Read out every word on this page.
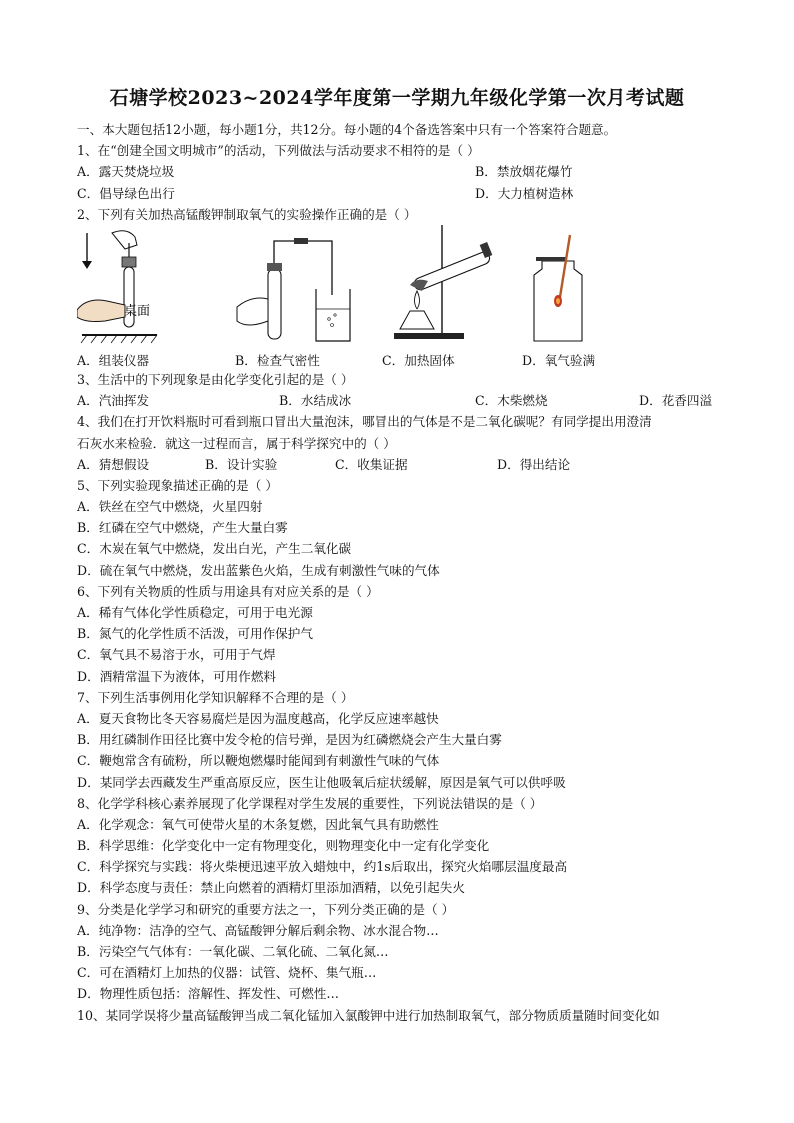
石塘学校2023~2024学年度第一学期九年级化学第一次月考试题
一、本大题包括12小题，每小题1分，共12分。每小题的4个备选答案中只有一个答案符合题意。
1、在“创建全国文明城市”的活动，下列做法与活动要求不相符的是（ ）
A．露天焚烧垃圾	B．禁放烟花爆竹
C．倡导绿色出行	D．大力植树造林
2、下列有关加热高锰酸钾制取氧气的实验操作正确的是（ ）
桌面
A．组装仪器	B．检查气密性	C．加热固体	D．氧气验满
3、生活中的下列现象是由化学变化引起的是（ ）
A．汽油挥发	B．水结成冰	C．木柴燃烧	D．花香四溢
4、我们在打开饮料瓶时可看到瓶口冒出大量泡沫，哪冒出的气体是不是二氧化碳呢？有同学提出用澄清
石灰水来检验．就这一过程而言，属于科学探究中的（ ）
A．猜想假设	B．设计实验	C．收集证据	D．得出结论
5、下列实验现象描述正确的是（ ）
A．铁丝在空气中燃烧，火星四射
B．红磷在空气中燃烧，产生大量白雾
C．木炭在氧气中燃烧，发出白光，产生二氧化碳
D．硫在氧气中燃烧，发出蓝紫色火焰，生成有刺激性气味的气体
6、下列有关物质的性质与用途具有对应关系的是（ ）
A．稀有气体化学性质稳定，可用于电光源
B．氮气的化学性质不活泼，可用作保护气
C．氧气具不易溶于水，可用于气焊
D．酒精常温下为液体，可用作燃料
7、下列生活事例用化学知识解释不合理的是（ ）
A．夏天食物比冬天容易腐烂是因为温度越高，化学反应速率越快
B．用红磷制作田径比赛中发令枪的信号弹，是因为红磷燃烧会产生大量白雾
C．鞭炮常含有硫粉，所以鞭炮燃爆时能闻到有刺激性气味的气体
D．某同学去西藏发生严重高原反应，医生让他吸氧后症状缓解，原因是氧气可以供呼吸
8、化学学科核心素养展现了化学课程对学生发展的重要性，下列说法错误的是（ ）
A．化学观念：氧气可使带火星的木条复燃，因此氧气具有助燃性
B．科学思维：化学变化中一定有物理变化，则物理变化中一定有化学变化
C．科学探究与实践：将火柴梗迅速平放入蜡烛中，约1s后取出，探究火焰哪层温度最高
D．科学态度与责任：禁止向燃着的酒精灯里添加酒精，以免引起失火
9、分类是化学学习和研究的重要方法之一，下列分类正确的是（ ）
A．纯净物：洁净的空气、高锰酸钾分解后剩余物、冰水混合物…
B．污染空气气体有：一氧化碳、二氧化硫、二氧化氮…
C．可在酒精灯上加热的仪器：试管、烧杯、集气瓶…
D．物理性质包括：溶解性、挥发性、可燃性…
10、某同学误将少量高锰酸钾当成二氧化锰加入氯酸钾中进行加热制取氧气，部分物质质量随时间变化如
